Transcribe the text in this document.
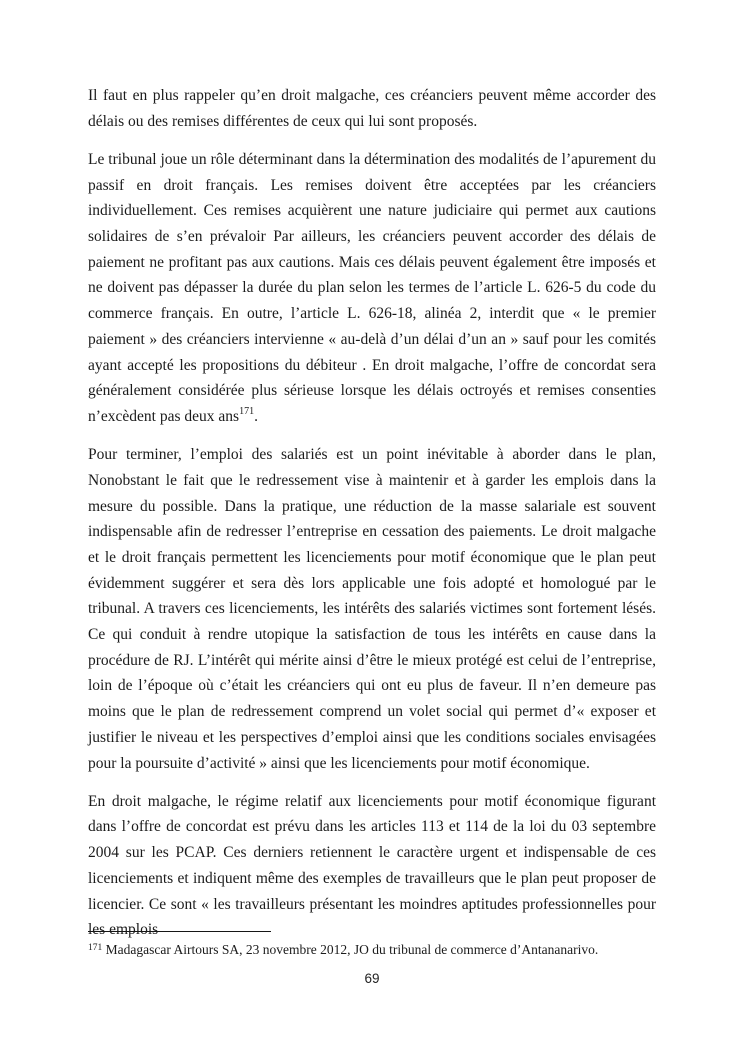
Il faut en plus rappeler qu’en droit malgache, ces créanciers peuvent même accorder des délais ou des remises différentes de ceux qui lui sont proposés.

Le tribunal joue un rôle déterminant dans la détermination des modalités de l’apurement du passif en droit français. Les remises doivent être acceptées par les créanciers individuellement. Ces remises acquièrent une nature judiciaire qui permet aux cautions solidaires de s’en prévaloir Par ailleurs, les créanciers peuvent accorder des délais de paiement ne profitant pas aux cautions. Mais ces délais peuvent également être imposés et ne doivent pas dépasser la durée du plan selon les termes de l’article L. 626-5 du code du commerce français. En outre, l’article L. 626-18, alinéa 2, interdit que « le premier paiement » des créanciers intervienne « au-delà d’un délai d’un an » sauf pour les comités ayant accepté les propositions du débiteur . En droit malgache, l’offre de concordat sera généralement considérée plus sérieuse lorsque les délais octroyés et remises consenties n’excèdent pas deux ans$^{171}$.

Pour terminer, l’emploi des salariés est un point inévitable à aborder dans le plan, Nonobstant le fait que le redressement vise à maintenir et à garder les emplois dans la mesure du possible. Dans la pratique, une réduction de la masse salariale est souvent indispensable afin de redresser l’entreprise en cessation des paiements. Le droit malgache et le droit français permettent les licenciements pour motif économique que le plan peut évidemment suggérer et sera dès lors applicable une fois adopté et homologué par le tribunal. A travers ces licenciements, les intérêts des salariés victimes sont fortement lésés. Ce qui conduit à rendre utopique la satisfaction de tous les intérêts en cause dans la procédure de RJ. L’intérêt qui mérite ainsi d’être le mieux protégé est celui de l’entreprise, loin de l’époque où c’était les créanciers qui ont eu plus de faveur. Il n’en demeure pas moins que le plan de redressement comprend un volet social qui permet d’« exposer et justifier le niveau et les perspectives d’emploi ainsi que les conditions sociales envisagées pour la poursuite d’activité » ainsi que les licenciements pour motif économique.

En droit malgache, le régime relatif aux licenciements pour motif économique figurant dans l’offre de concordat est prévu dans les articles 113 et 114 de la loi du 03 septembre 2004 sur les PCAP. Ces derniers retiennent le caractère urgent et indispensable de ces licenciements et indiquent même des exemples de travailleurs que le plan peut proposer de licencier. Ce sont « les travailleurs présentant les moindres aptitudes professionnelles pour les emplois

$^{171}$ Madagascar Airtours SA, 23 novembre 2012, JO du tribunal de commerce d’Antananarivo.

69
